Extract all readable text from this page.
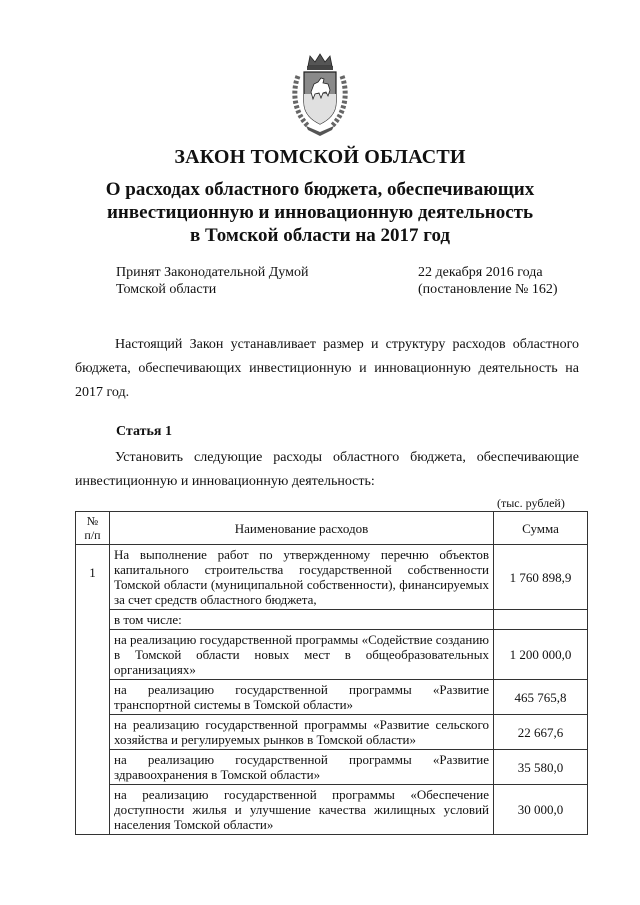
ЗАКОН ТОМСКОЙ ОБЛАСТИ
О расходах областного бюджета, обеспечивающих
инвестиционную и инновационную деятельность
в Томской области на 2017 год
Принят Законодательной Думой
Томской области
22 декабря 2016 года
(постановление № 162)
Настоящий Закон устанавливает размер и структуру расходов областного бюджета, обеспечивающих инвестиционную и инновационную деятельность на 2017 год.
Статья 1
Установить следующие расходы областного бюджета, обеспечивающие инвестиционную и инновационную деятельность:
(тыс. рублей)
№
п/п	Наименование расходов	Сумма
1	На выполнение работ по утвержденному перечню объектов капитального строительства государственной собственности Томской области (муниципальной собственности), финансируемых за счет средств областного бюджета,	1 760 898,9
	в том числе:	
	на реализацию государственной программы «Содействие созданию в Томской области новых мест в общеобразовательных организациях»	1 200 000,0
	на реализацию государственной программы «Развитие транспортной системы в Томской области»	465 765,8
	на реализацию государственной программы «Развитие сельского хозяйства и регулируемых рынков в Томской области»	22 667,6
	на реализацию государственной программы «Развитие здравоохранения в Томской области»	35 580,0
	на реализацию государственной программы «Обеспечение доступности жилья и улучшение качества жилищных условий населения Томской области»	30 000,0
